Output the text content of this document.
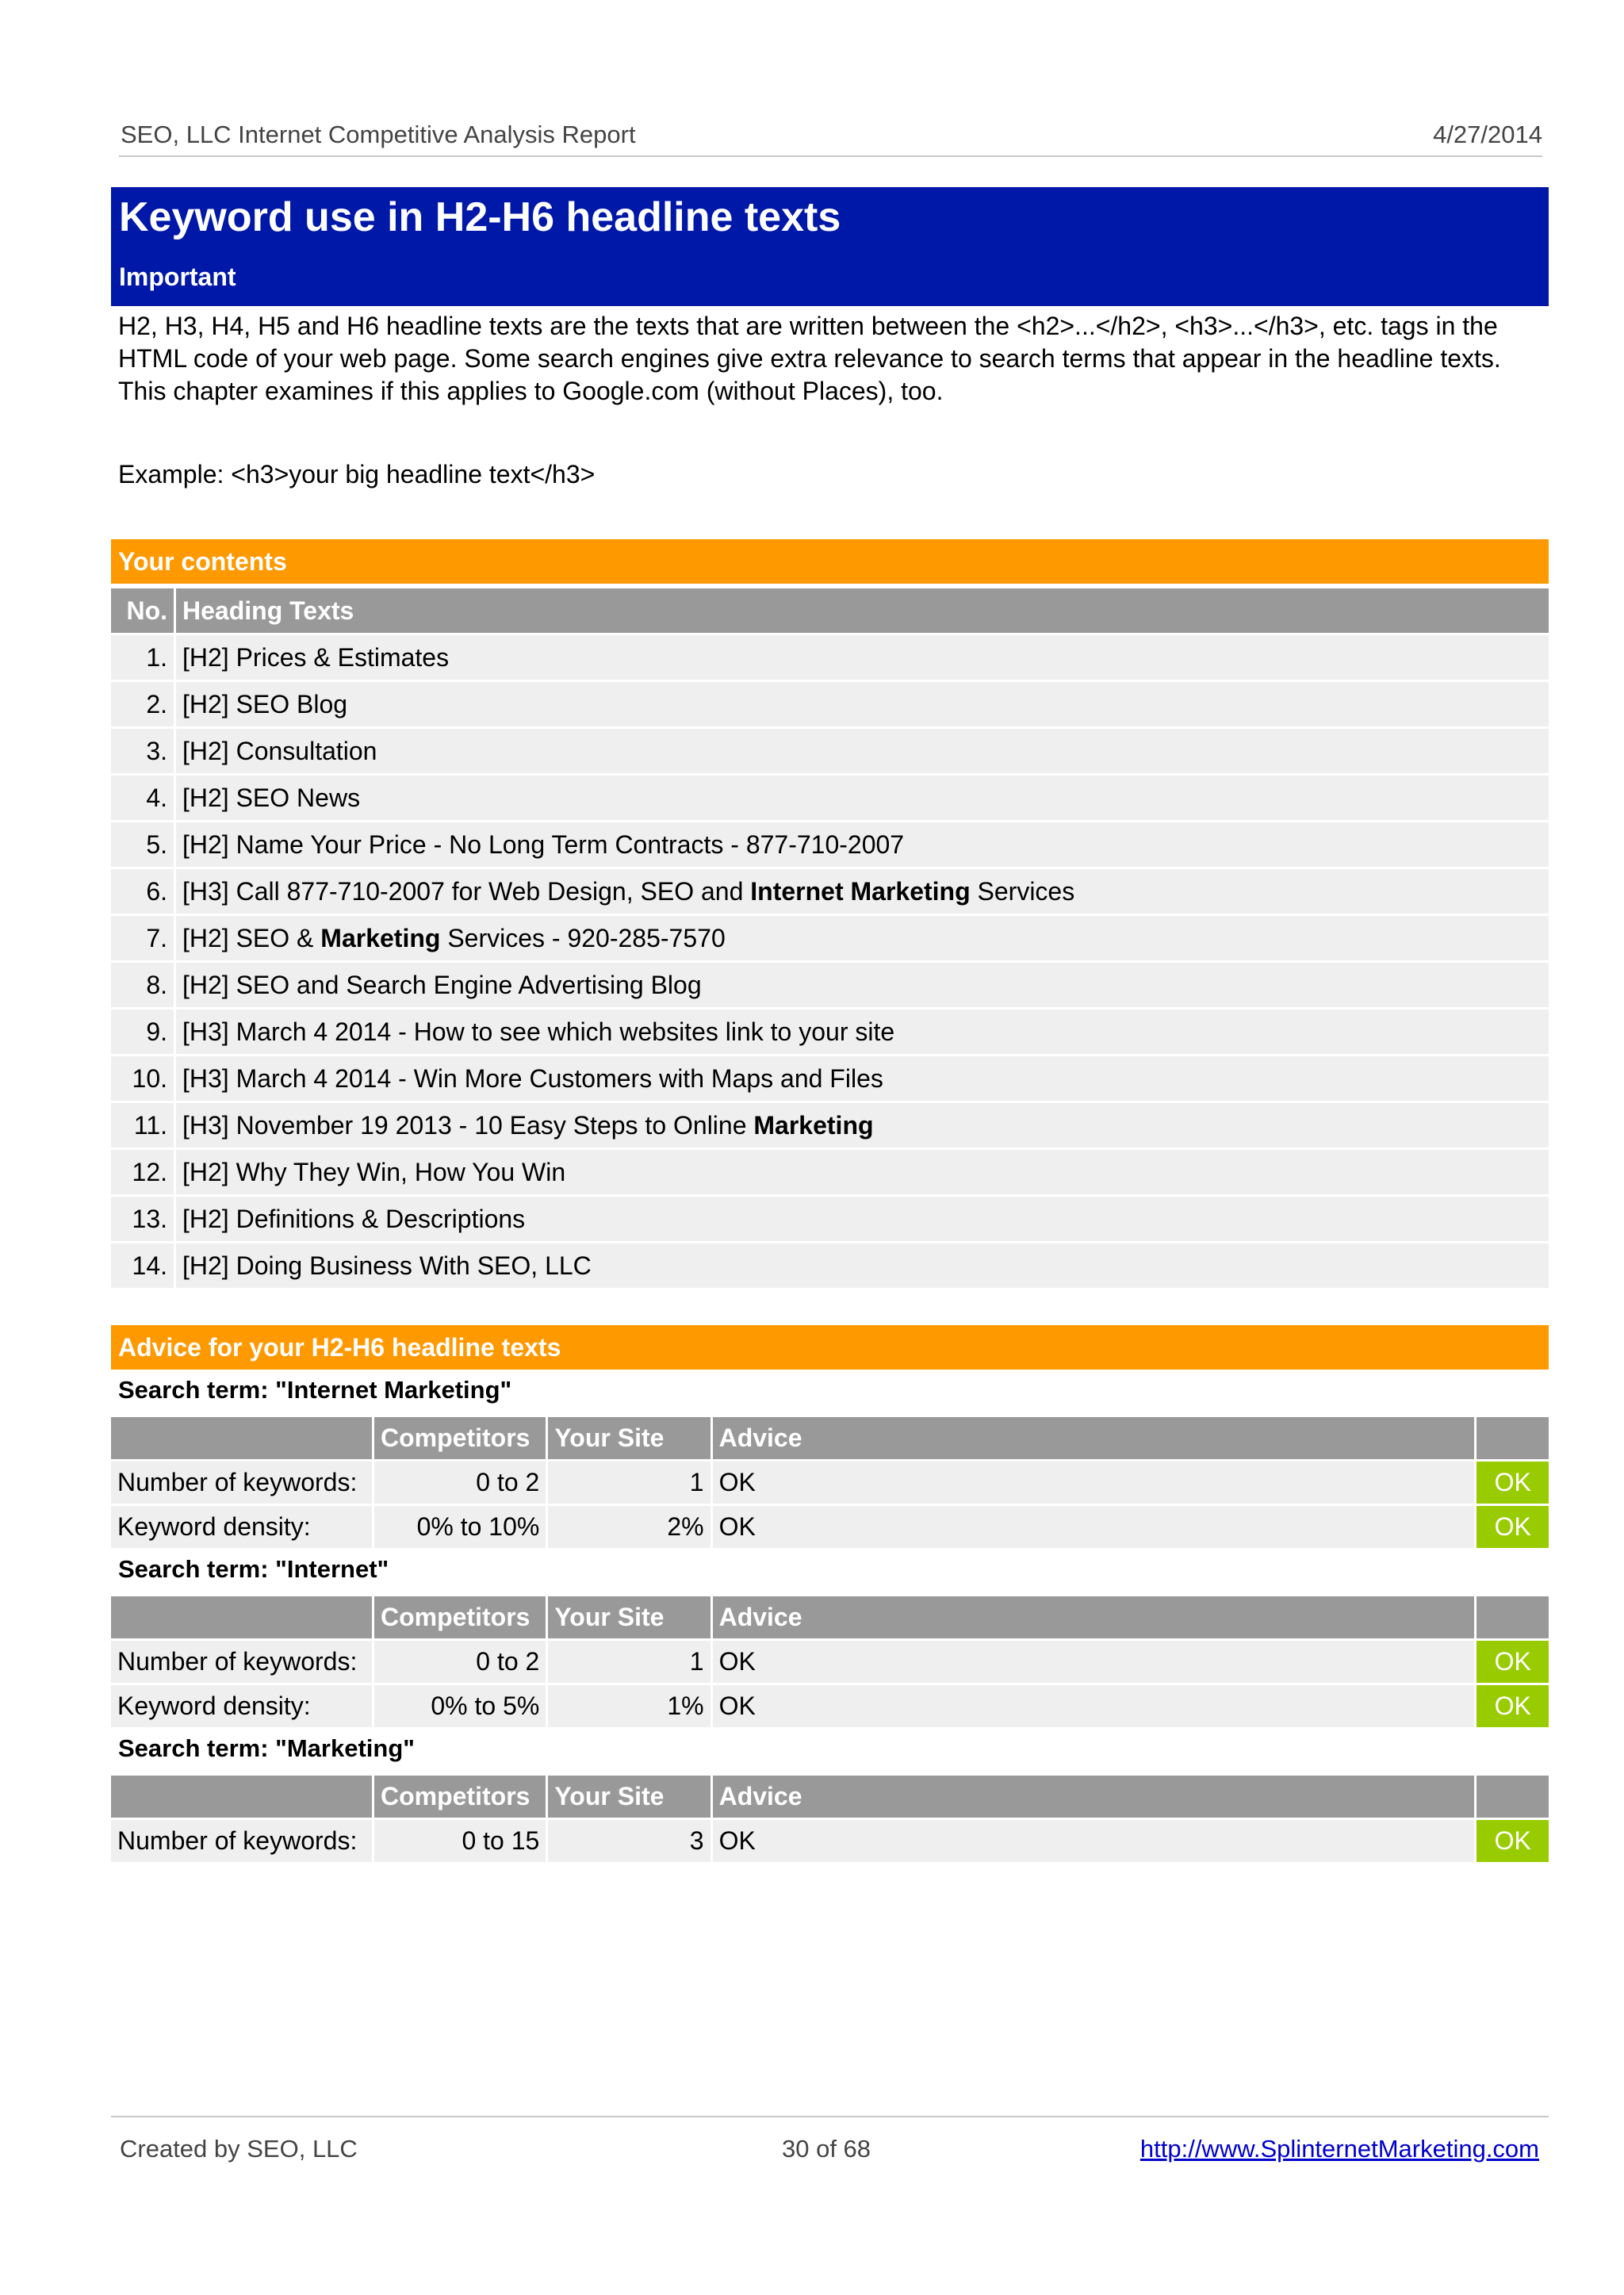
SEO, LLC Internet Competitive Analysis Report	4/27/2014
Keyword use in H2-H6 headline texts
Important
H2, H3, H4, H5 and H6 headline texts are the texts that are written between the <h2>...</h2>, <h3>...</h3>, etc. tags in the HTML code of your web page. Some search engines give extra relevance to search terms that appear in the headline texts. This chapter examines if this applies to Google.com (without Places), too.
Example: <h3>your big headline text</h3>
Your contents
No.	Heading Texts
1.	[H2] Prices & Estimates
2.	[H2] SEO Blog
3.	[H2] Consultation
4.	[H2] SEO News
5.	[H2] Name Your Price - No Long Term Contracts - 877-710-2007
6.	[H3] Call 877-710-2007 for Web Design, SEO and Internet Marketing Services
7.	[H2] SEO & Marketing Services - 920-285-7570
8.	[H2] SEO and Search Engine Advertising Blog
9.	[H3] March 4 2014 - How to see which websites link to your site
10.	[H3] March 4 2014 - Win More Customers with Maps and Files
11.	[H3] November 19 2013 - 10 Easy Steps to Online Marketing
12.	[H2] Why They Win, How You Win
13.	[H2] Definitions & Descriptions
14.	[H2] Doing Business With SEO, LLC
Advice for your H2-H6 headline texts
Search term: "Internet Marketing"
	Competitors	Your Site	Advice	
Number of keywords:	0 to 2	1	OK	OK
Keyword density:	0% to 10%	2%	OK	OK
Search term: "Internet"
	Competitors	Your Site	Advice	
Number of keywords:	0 to 2	1	OK	OK
Keyword density:	0% to 5%	1%	OK	OK
Search term: "Marketing"
	Competitors	Your Site	Advice	
Number of keywords:	0 to 15	3	OK	OK
Created by SEO, LLC	30 of 68	http://www.SplinternetMarketing.com
